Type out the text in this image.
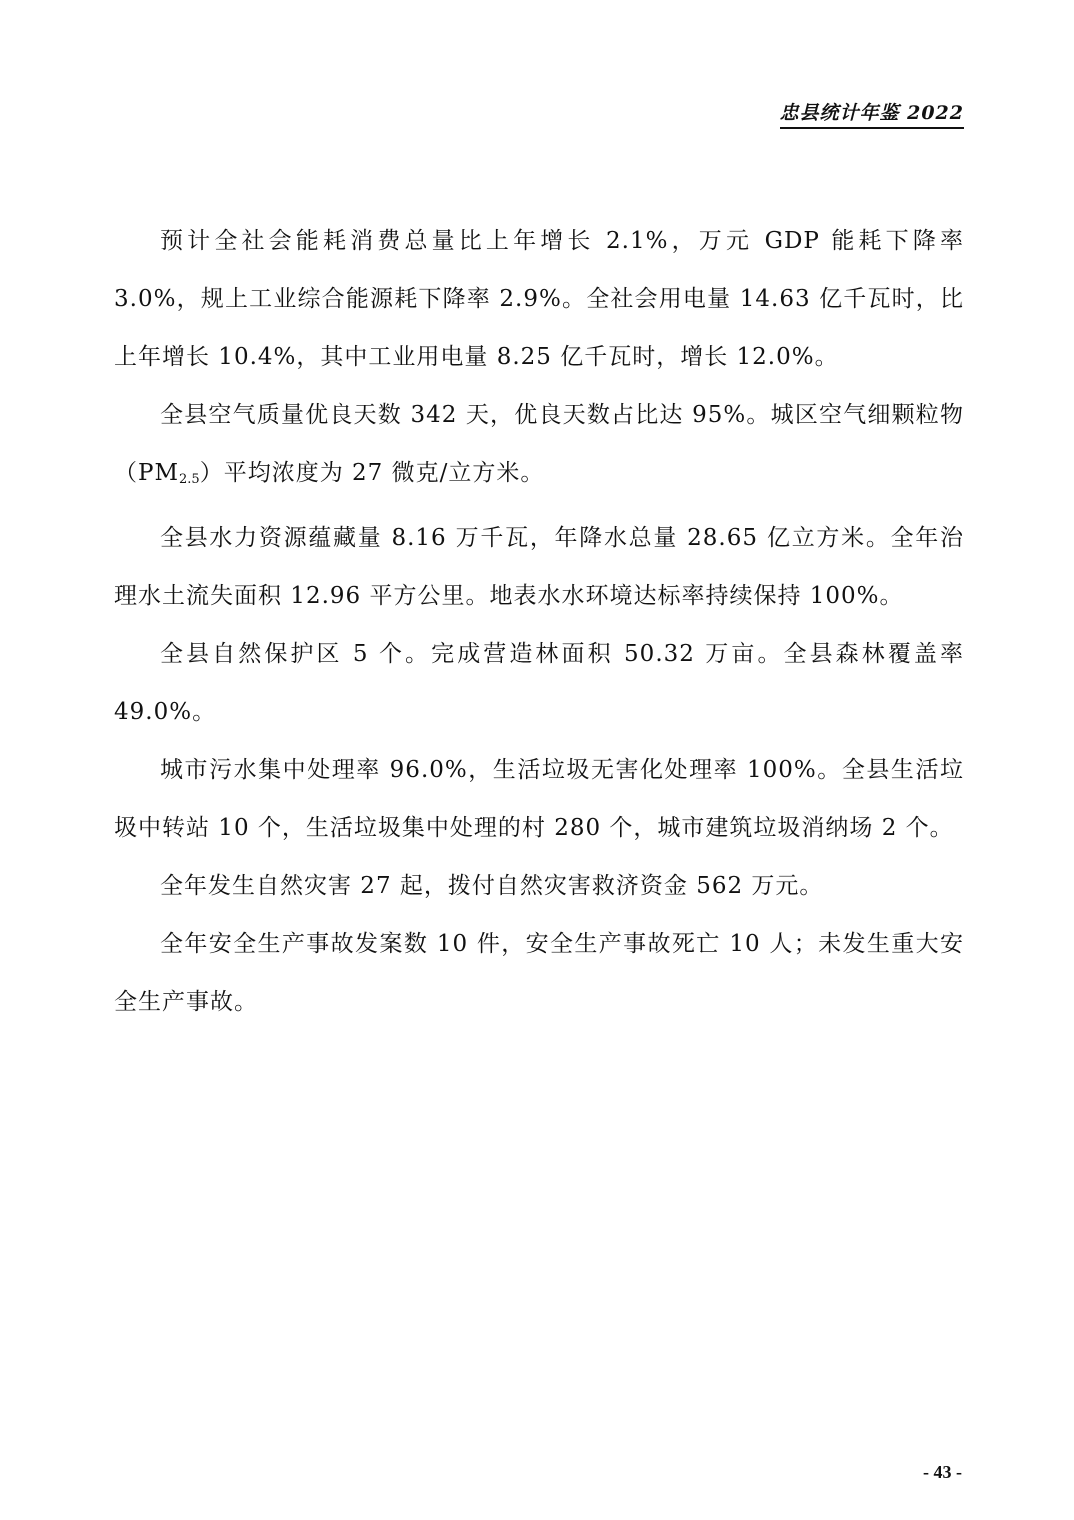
忠县统计年鉴 2022

预计全社会能耗消费总量比上年增长 2.1%，万元 GDP 能耗下降率 3.0%，规上工业综合能源耗下降率 2.9%。全社会用电量 14.63 亿千瓦时，比上年增长 10.4%，其中工业用电量 8.25 亿千瓦时，增长 12.0%。

全县空气质量优良天数 342 天，优良天数占比达 95%。城区空气细颗粒物$(PM_{2.5})$平均浓度为 27 微克/立方米。

全县水力资源蕴藏量 8.16 万千瓦，年降水总量 28.65 亿立方米。全年治理水土流失面积 12.96 平方公里。地表水水环境达标率持续保持 100%。

全县自然保护区 5 个。完成营造林面积 50.32 万亩。全县森林覆盖率 49.0%。

城市污水集中处理率 96.0%，生活垃圾无害化处理率 100%。全县生活垃圾中转站 10 个，生活垃圾集中处理的村 280 个，城市建筑垃圾消纳场 2 个。

全年发生自然灾害 27 起，拨付自然灾害救济资金 562 万元。

全年安全生产事故发案数 10 件，安全生产事故死亡 10 人；未发生重大安全生产事故。

- 43 -
